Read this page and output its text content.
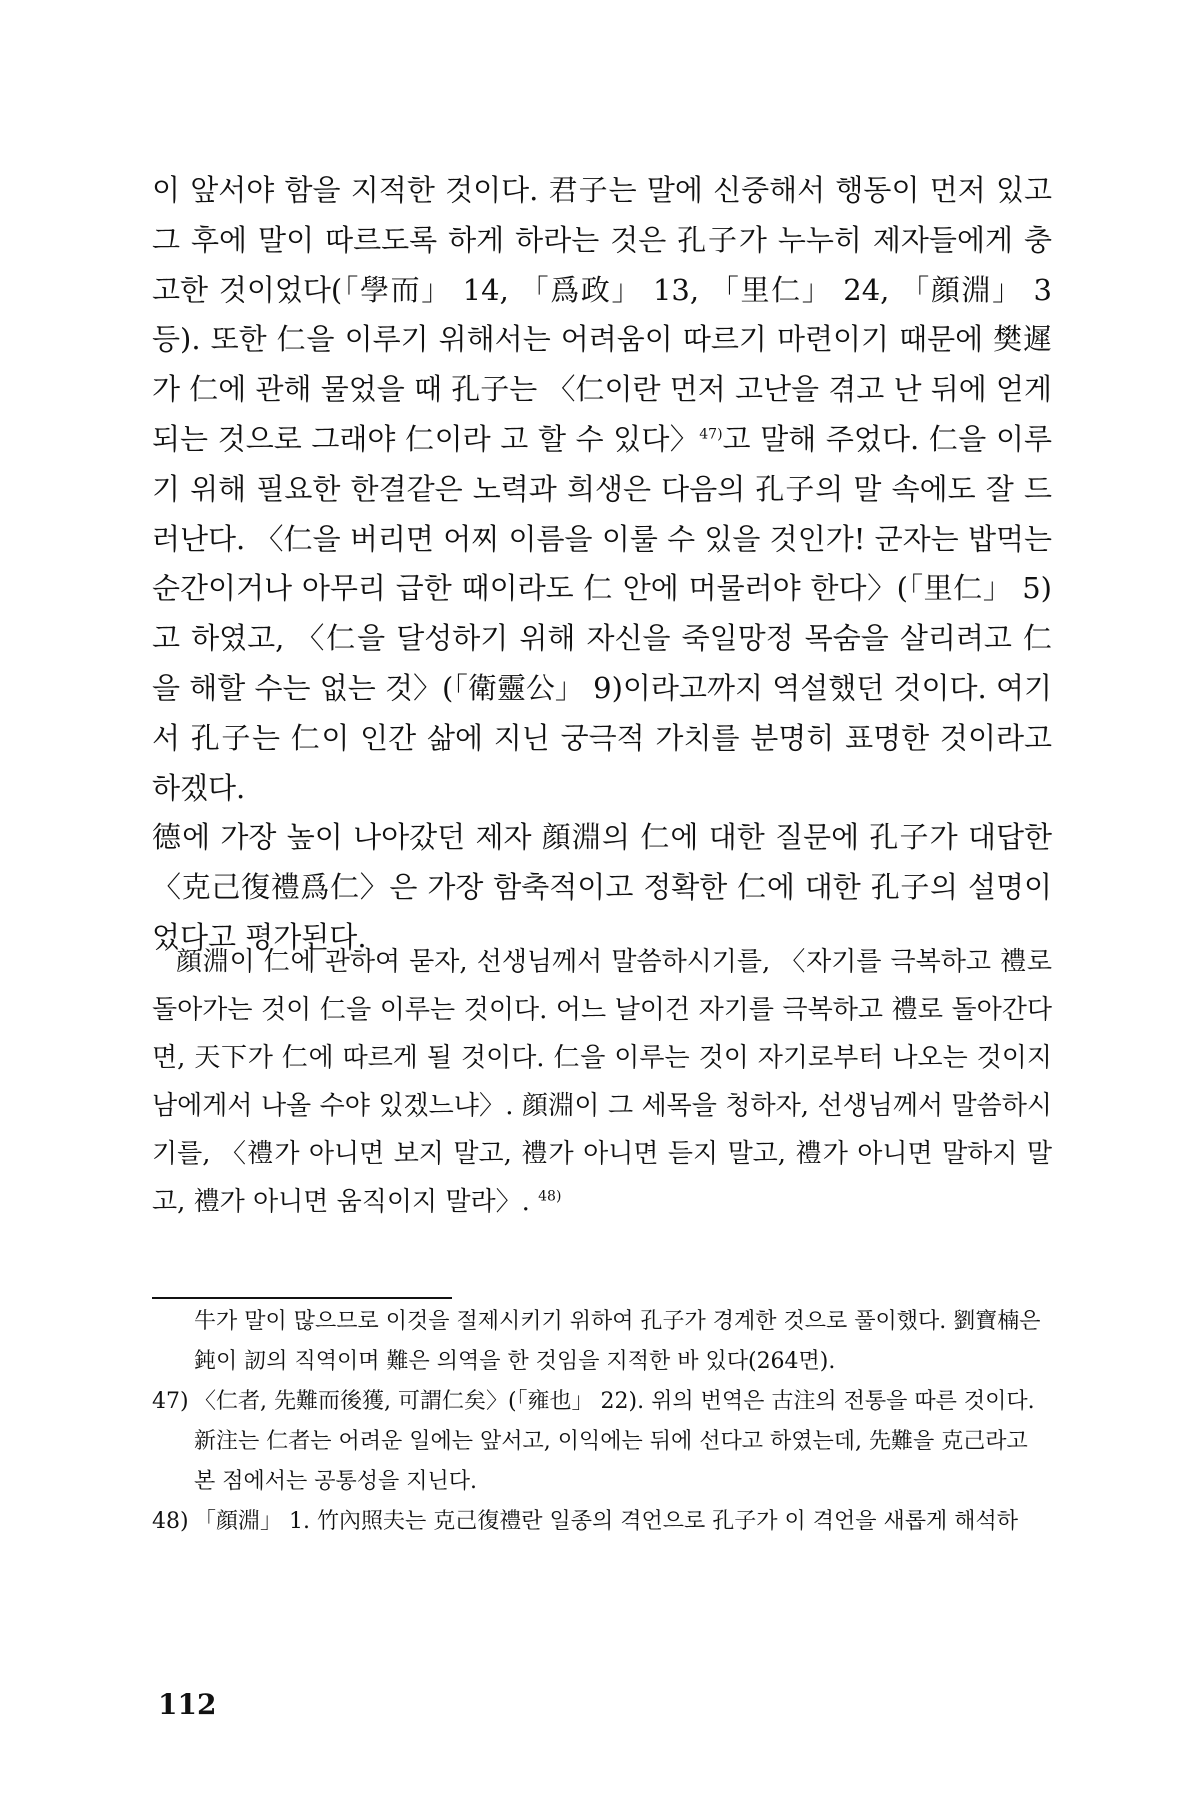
이 앞서야 함을 지적한 것이다. 君子는 말에 신중해서 행동이 먼저 있고 그 후에 말이 따르도록 하게 하라는 것은 孔子가 누누히 제자들에게 충고한 것이었다(「學而」 14, 「爲政」 13, 「里仁」 24, 「顔淵」 3 등). 또한 仁을 이루기 위해서는 어려움이 따르기 마련이기 때문에 樊遲가 仁에 관해 물었을 때 孔子는 〈仁이란 먼저 고난을 겪고 난 뒤에 얻게 되는 것으로 그래야 仁이라 고 할 수 있다〉$^{47)}$고 말해 주었다. 仁을 이루기 위해 필요한 한결같은 노력과 희생은 다음의 孔子의 말 속에도 잘 드러난다. 〈仁을 버리면 어찌 이름을 이룰 수 있을 것인가! 군자는 밥먹는 순간이거나 아무리 급한 때이라도 仁 안에 머물러야 한다〉(「里仁」 5)고 하였고, 〈仁을 달성하기 위해 자신을 죽일망정 목숨을 살리려고 仁을 해할 수는 없는 것〉(「衛靈公」 9)이라고까지 역설했던 것이다. 여기서 孔子는 仁이 인간 삶에 지닌 궁극적 가치를 분명히 표명한 것이라고 하겠다.

德에 가장 높이 나아갔던 제자 顔淵의 仁에 대한 질문에 孔子가 대답한 〈克己復禮爲仁〉은 가장 함축적이고 정확한 仁에 대한 孔子의 설명이었다고 평가된다.

顔淵이 仁에 관하여 묻자, 선생님께서 말씀하시기를, 〈자기를 극복하고 禮로 돌아가는 것이 仁을 이루는 것이다. 어느 날이건 자기를 극복하고 禮로 돌아간다면, 天下가 仁에 따르게 될 것이다. 仁을 이루는 것이 자기로부터 나오는 것이지 남에게서 나올 수야 있겠느냐〉. 顔淵이 그 세목을 청하자, 선생님께서 말씀하시기를, 〈禮가 아니면 보지 말고, 禮가 아니면 듣지 말고, 禮가 아니면 말하지 말고, 禮가 아니면 움직이지 말라〉. $^{48)}$

牛가 말이 많으므로 이것을 절제시키기 위하여 孔子가 경계한 것으로 풀이했다. 劉寶楠은 鈍이 訒의 직역이며 難은 의역을 한 것임을 지적한 바 있다(264면).

47) 〈仁者, 先難而後獲, 可謂仁矣〉(「雍也」 22). 위의 번역은 古注의 전통을 따른 것이다. 新注는 仁者는 어려운 일에는 앞서고, 이익에는 뒤에 선다고 하였는데, 先難을 克己라고 본 점에서는 공통성을 지닌다.

48) 「顔淵」 1. 竹內照夫는 克己復禮란 일종의 격언으로 孔子가 이 격언을 새롭게 해석하

112
